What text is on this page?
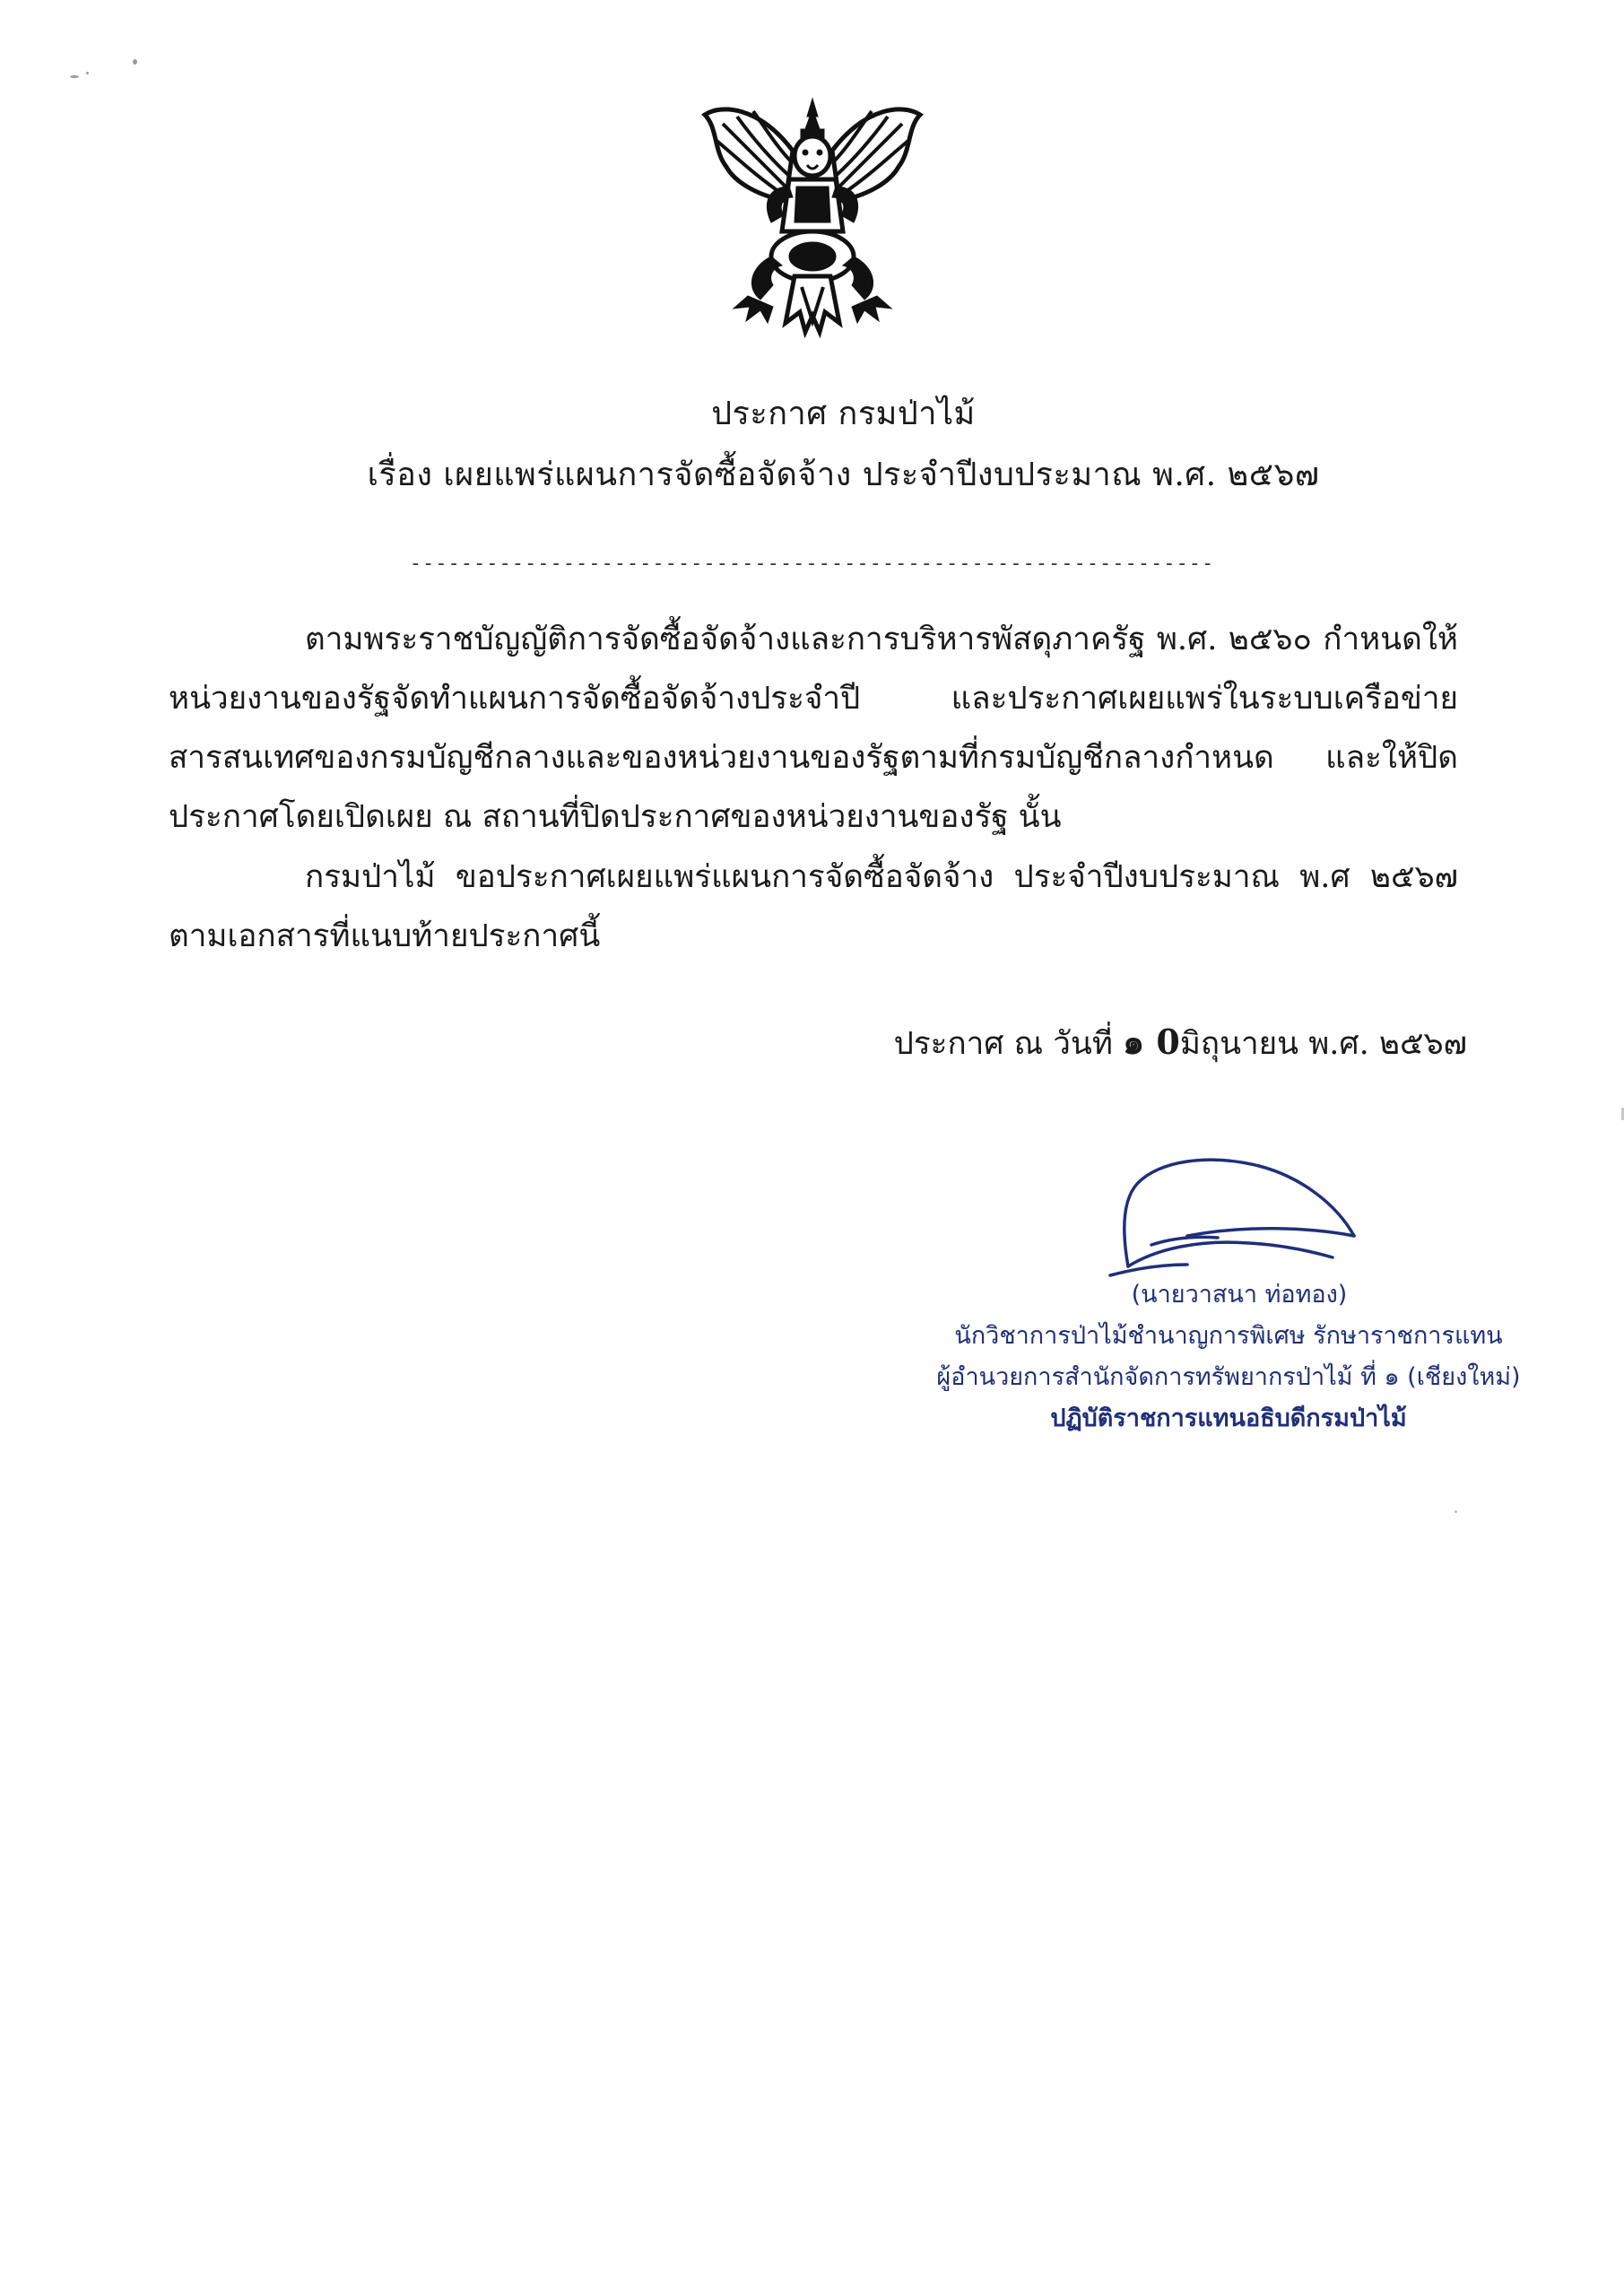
ประกาศ กรมป่าไม้
เรื่อง เผยแพร่แผนการจัดซื้อจัดจ้าง ประจำปีงบประมาณ พ.ศ. ๒๕๖๗
---------------------------------------------------------------
ตามพระราชบัญญัติการจัดซื้อจัดจ้างและการบริหารพัสดุภาครัฐ พ.ศ. ๒๕๖๐ กำหนดให้หน่วยงานของรัฐจัดทำแผนการจัดซื้อจัดจ้างประจำปี และประกาศเผยแพร่ในระบบเครือข่ายสารสนเทศของกรมบัญชีกลางและของหน่วยงานของรัฐตามที่กรมบัญชีกลางกำหนด และให้ปิดประกาศโดยเปิดเผย ณ สถานที่ปิดประกาศของหน่วยงานของรัฐ นั้น
กรมป่าไม้ ขอประกาศเผยแพร่แผนการจัดซื้อจัดจ้าง ประจำปีงบประมาณ พ.ศ ๒๕๖๗ ตามเอกสารที่แนบท้ายประกาศนี้
ประกาศ ณ วันที่ ๑ 0มิถุนายน พ.ศ. ๒๕๖๗
(นายวาสนา ท่อทอง)
นักวิชาการป่าไม้ชำนาญการพิเศษ รักษาราชการแทน
ผู้อำนวยการสำนักจัดการทรัพยากรป่าไม้ ที่ ๑ (เชียงใหม่)
ปฏิบัติราชการแทนอธิบดีกรมป่าไม้
